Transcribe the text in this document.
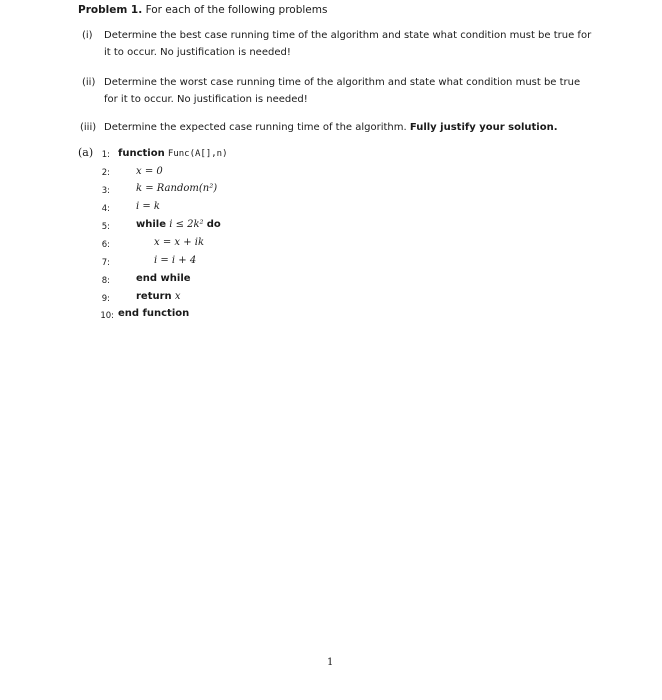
Problem 1. For each of the following problems
(i) Determine the best case running time of the algorithm and state what condition must be true for it to occur. No justification is needed!
(ii) Determine the worst case running time of the algorithm and state what condition must be true for it to occur. No justification is needed!
(iii) Determine the expected case running time of the algorithm. Fully justify your solution.
(a)	1: function Func(A[],n)
2:	x = 0
3:	k = Random(n²)
4:	i = k
5:	while i ≤ 2k² do
6:	x = x + ik
7:	i = i + 4
8:	end while
9:	return x
10: end function
1
